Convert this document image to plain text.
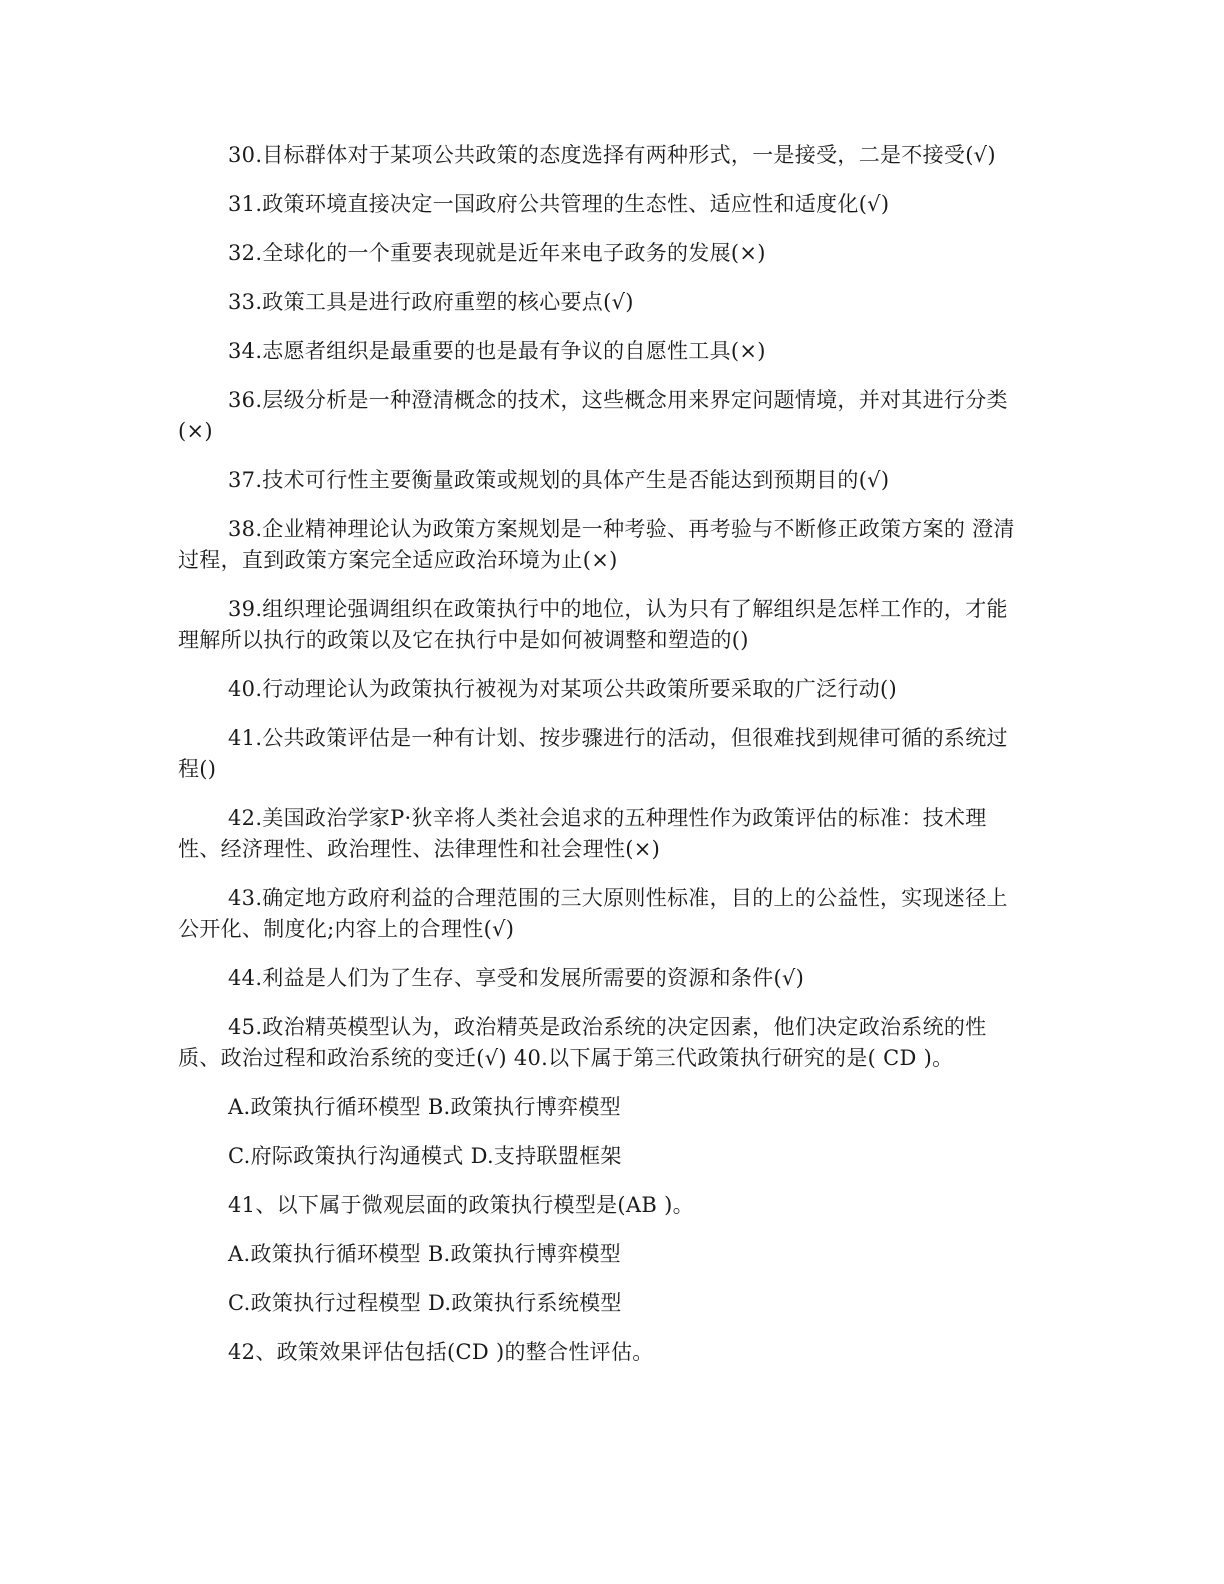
30.目标群体对于某项公共政策的态度选择有两种形式，一是接受，二是不接受(√)

31.政策环境直接决定一国政府公共管理的生态性、适应性和适度化(√)

32.全球化的一个重要表现就是近年来电子政务的发展(×)

33.政策工具是进行政府重塑的核心要点(√)

34.志愿者组织是最重要的也是最有争议的自愿性工具(×)

36.层级分析是一种澄清概念的技术，这些概念用来界定问题情境，并对其进行分类(×)

37.技术可行性主要衡量政策或规划的具体产生是否能达到预期目的(√)

38.企业精神理论认为政策方案规划是一种考验、再考验与不断修正政策方案的 澄清过程，直到政策方案完全适应政治环境为止(×)

39.组织理论强调组织在政策执行中的地位，认为只有了解组织是怎样工作的，才能理解所以执行的政策以及它在执行中是如何被调整和塑造的()

40.行动理论认为政策执行被视为对某项公共政策所要采取的广泛行动()

41.公共政策评估是一种有计划、按步骤进行的活动，但很难找到规律可循的系统过程()

42.美国政治学家P·狄辛将人类社会追求的五种理性作为政策评估的标准：技术理性、经济理性、政治理性、法律理性和社会理性(×)

43.确定地方政府利益的合理范围的三大原则性标准，目的上的公益性，实现迷径上公开化、制度化;内容上的合理性(√)

44.利益是人们为了生存、享受和发展所需要的资源和条件(√)

45.政治精英模型认为，政治精英是政治系统的决定因素，他们决定政治系统的性质、政治过程和政治系统的变迁(√) 40.以下属于第三代政策执行研究的是( CD )。

A.政策执行循环模型 B.政策执行博弈模型

C.府际政策执行沟通模式 D.支持联盟框架

41、以下属于微观层面的政策执行模型是(AB )。

A.政策执行循环模型 B.政策执行博弈模型

C.政策执行过程模型 D.政策执行系统模型

42、政策效果评估包括(CD )的整合性评估。
